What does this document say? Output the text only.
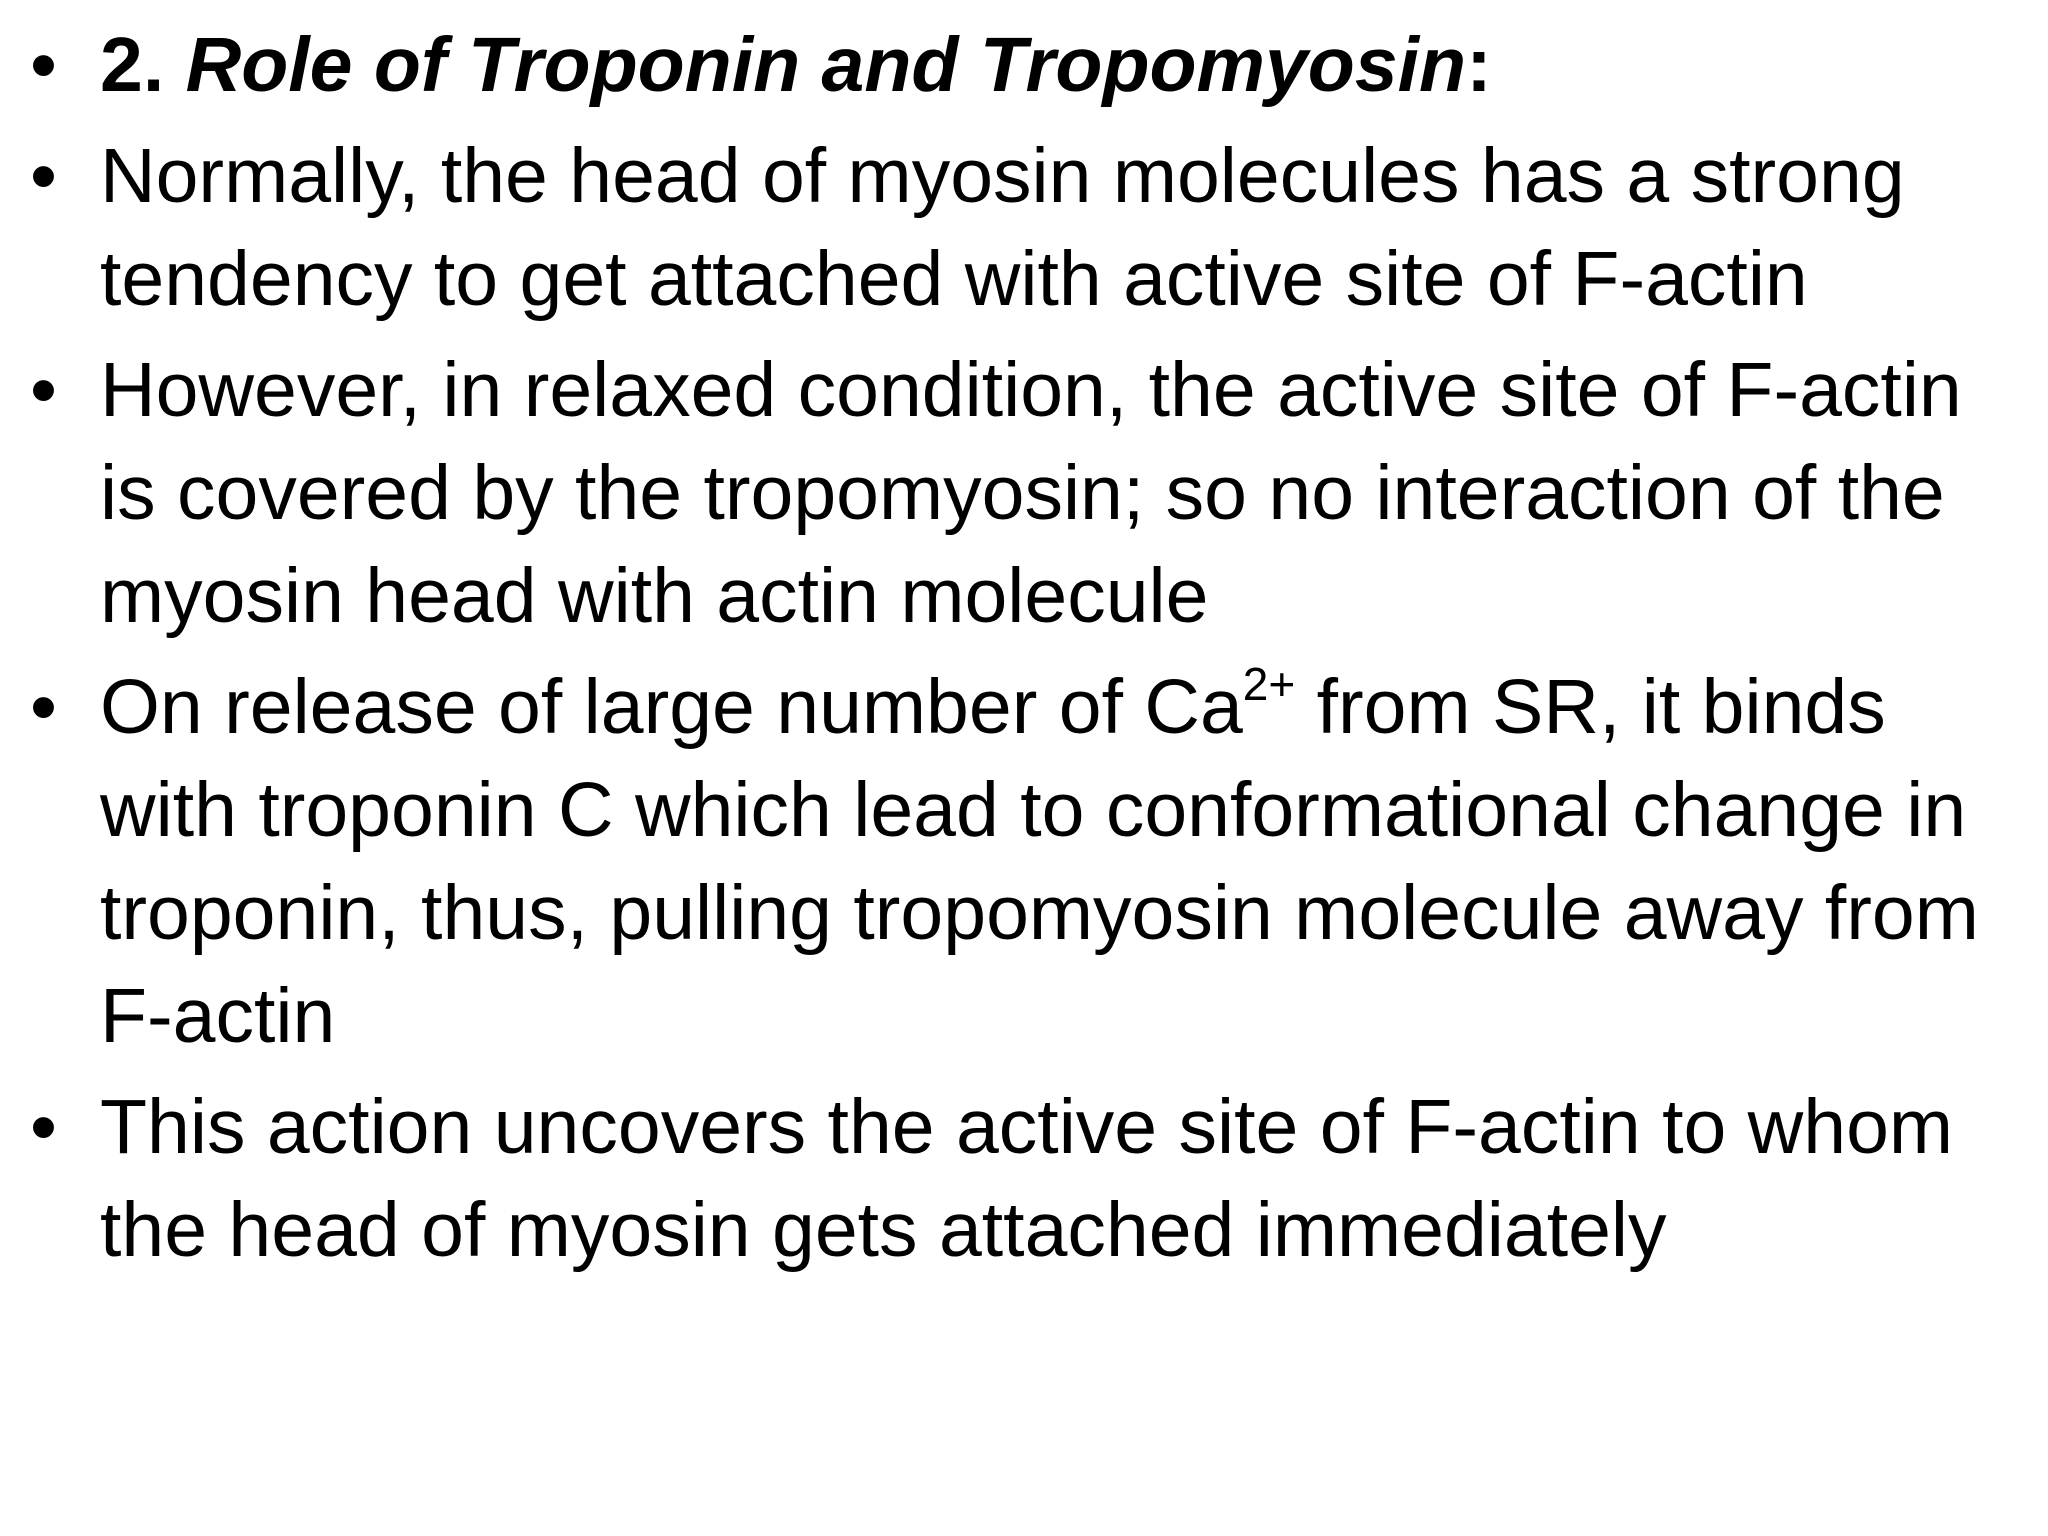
• 2. Role of Troponin and Tropomyosin:
• Normally, the head of myosin molecules has a strong tendency to get attached with active site of F-actin
• However, in relaxed condition, the active site of F-actin is covered by the tropomyosin; so no interaction of the myosin head with actin molecule
• On release of large number of $Ca^{2+}$ from SR, it binds with troponin C which lead to conformational change in troponin, thus, pulling tropomyosin molecule away from F-actin
• This action uncovers the active site of F-actin to whom the head of myosin gets attached immediately
